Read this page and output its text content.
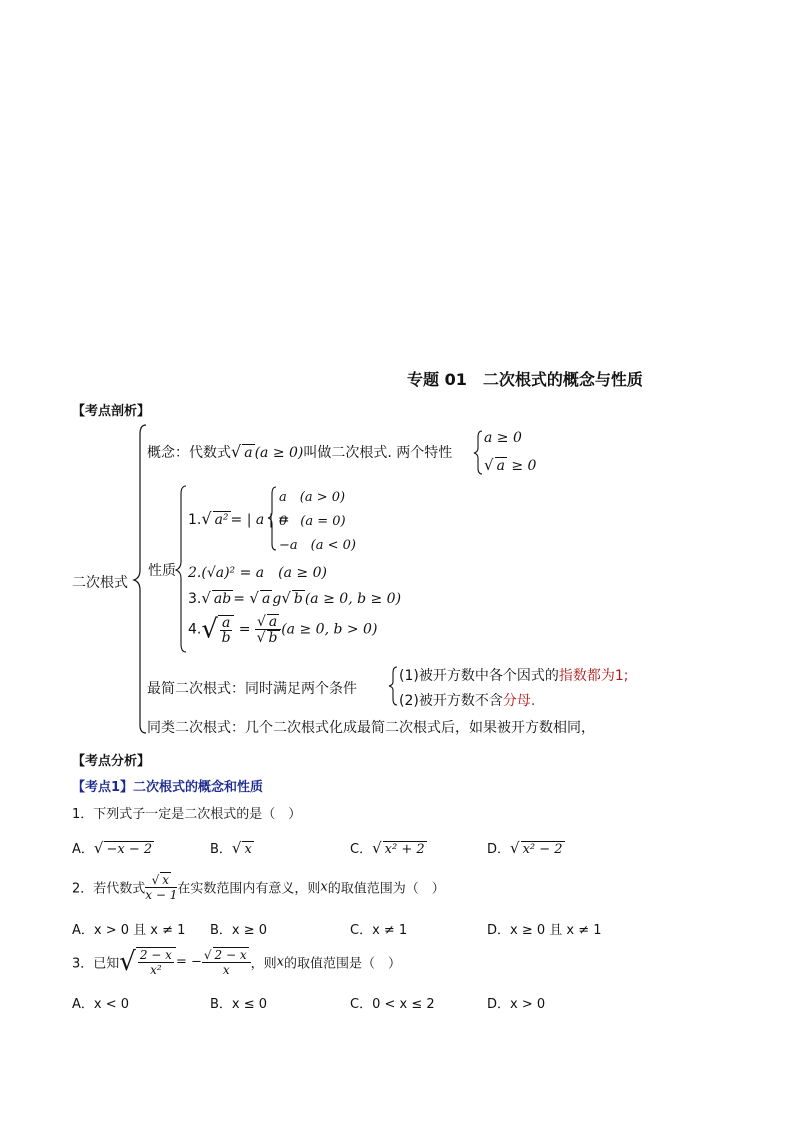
专题 01　二次根式的概念与性质
【考点剖析】
二次根式
概念：代数式√ a (a ≥ 0)叫做二次根式. 两个特性
a ≥ 0
√ a ≥ 0
性质
1.√ a² = | a | =
a　(a > 0)
0　(a = 0)
−a　(a < 0)
2.(√a)² = a　(a ≥ 0)
3.√ ab = √ a g√ b (a ≥ 0, b ≥ 0)
$4.√ \frac{a}{b} = \frac{√ a}{√ b} (a \ge 0$, b > 0)
最简二次根式：同时满足两个条件
(1)被开方数中各个因式的指数都为1;
(2)被开方数不含分母.
同类二次根式：几个二次根式化成最简二次根式后，如果被开方数相同，
【考点分析】
【考点1】二次根式的概念和性质
1．下列式子一定是二次根式的是（　）
A．√ −x − 2	B．√ x	C．√ x² + 2	D．√ x² − 2
2．若代数式 $\frac{√ x}{x - 1}$ 在实数范围内有意义，则x的取值范围为（　）
A．x > 0 且 x ≠ 1 B．x ≥ 0	C．x ≠ 1	D．x ≥ 0 且 x ≠ 1
3．已知√ $\frac{2 - x}{\text{x²}}$ = − $\frac{√ 2 - x}{x}$ ，则x的取值范围是（　）
A．x < 0	B．x ≤ 0	C．0 < x ≤ 2	D．x > 0
